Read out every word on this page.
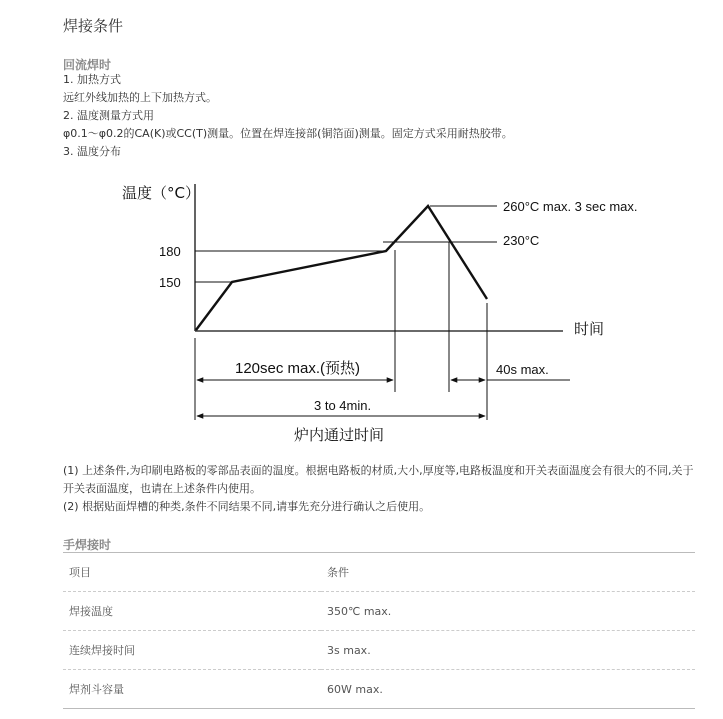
焊接条件
回流焊时
1. 加热方式
远红外线加热的上下加热方式。
2. 温度测量方式用
φ0.1～φ0.2的CA(K)或CC(T)测量。位置在焊连接部(铜箔面)测量。固定方式采用耐热胶带。
3. 温度分布
温度（°C）
时间
180
150
260°C max. 3 sec max.
230°C
120sec max.(预热)	40s max.
3 to 4min.
炉内通过时间

(1) 上述条件,为印刷电路板的零部品表面的温度。根据电路板的材质,大小,厚度等,电路板温度和开关表面温度会有很大的不同,关于开关表面温度，也请在上述条件内使用。

(2) 根据贴面焊槽的种类,条件不同结果不同,请事先充分进行确认之后使用。

手焊接时
项目	条件
焊接温度	350℃ max.
连续焊接时间	3s max.
焊剂斗容量	60W max.
